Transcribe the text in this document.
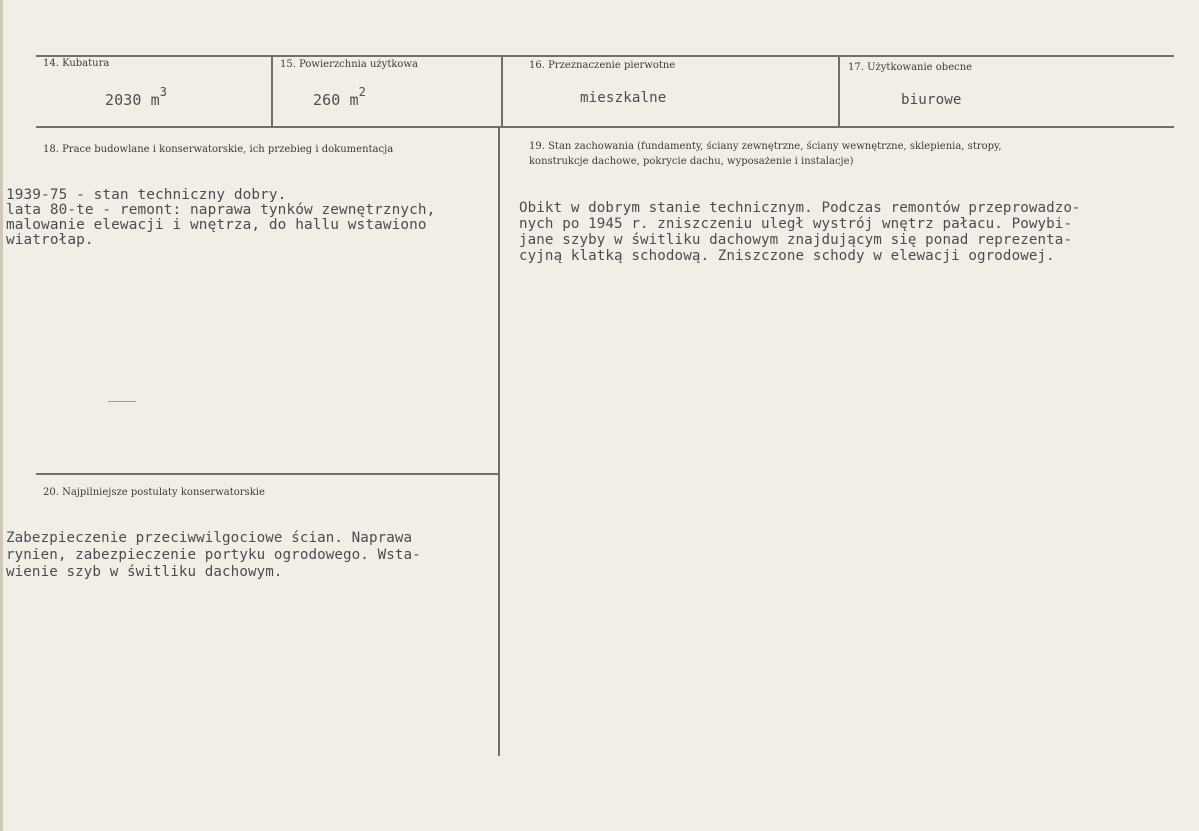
14. Kubatura
2030 $m^3$
15. Powierzchnia użytkowa
260 $m^2$
16. Przeznaczenie pierwotne
mieszkalne
17. Użytkowanie obecne
biurowe
18. Prace budowlane i konserwatorskie, ich przebieg i dokumentacja
1939-75 - stan techniczny dobry.
lata 80-te - remont: naprawa tynków zewnętrznych,
malowanie elewacji i wnętrza, do hallu wstawiono
wiatrołap.
19. Stan zachowania (fundamenty, ściany zewnętrzne, ściany wewnętrzne, sklepienia, stropy,
konstrukcje dachowe, pokrycie dachu, wyposażenie i instalacje)
Obikt w dobrym stanie technicznym. Podczas remontów przeprowadzo-
nych po 1945 r. zniszczeniu uległ wystrój wnętrz pałacu. Powybi-
jane szyby w świtliku dachowym znajdującym się ponad reprezenta-
cyjną klatką schodową. Zniszczone schody w elewacji ogrodowej.
20. Najpilniejsze postulaty konserwatorskie
Zabezpieczenie przeciwwilgociowe ścian. Naprawa
rynien, zabezpieczenie portyku ogrodowego. Wsta-
wienie szyb w świtliku dachowym.
